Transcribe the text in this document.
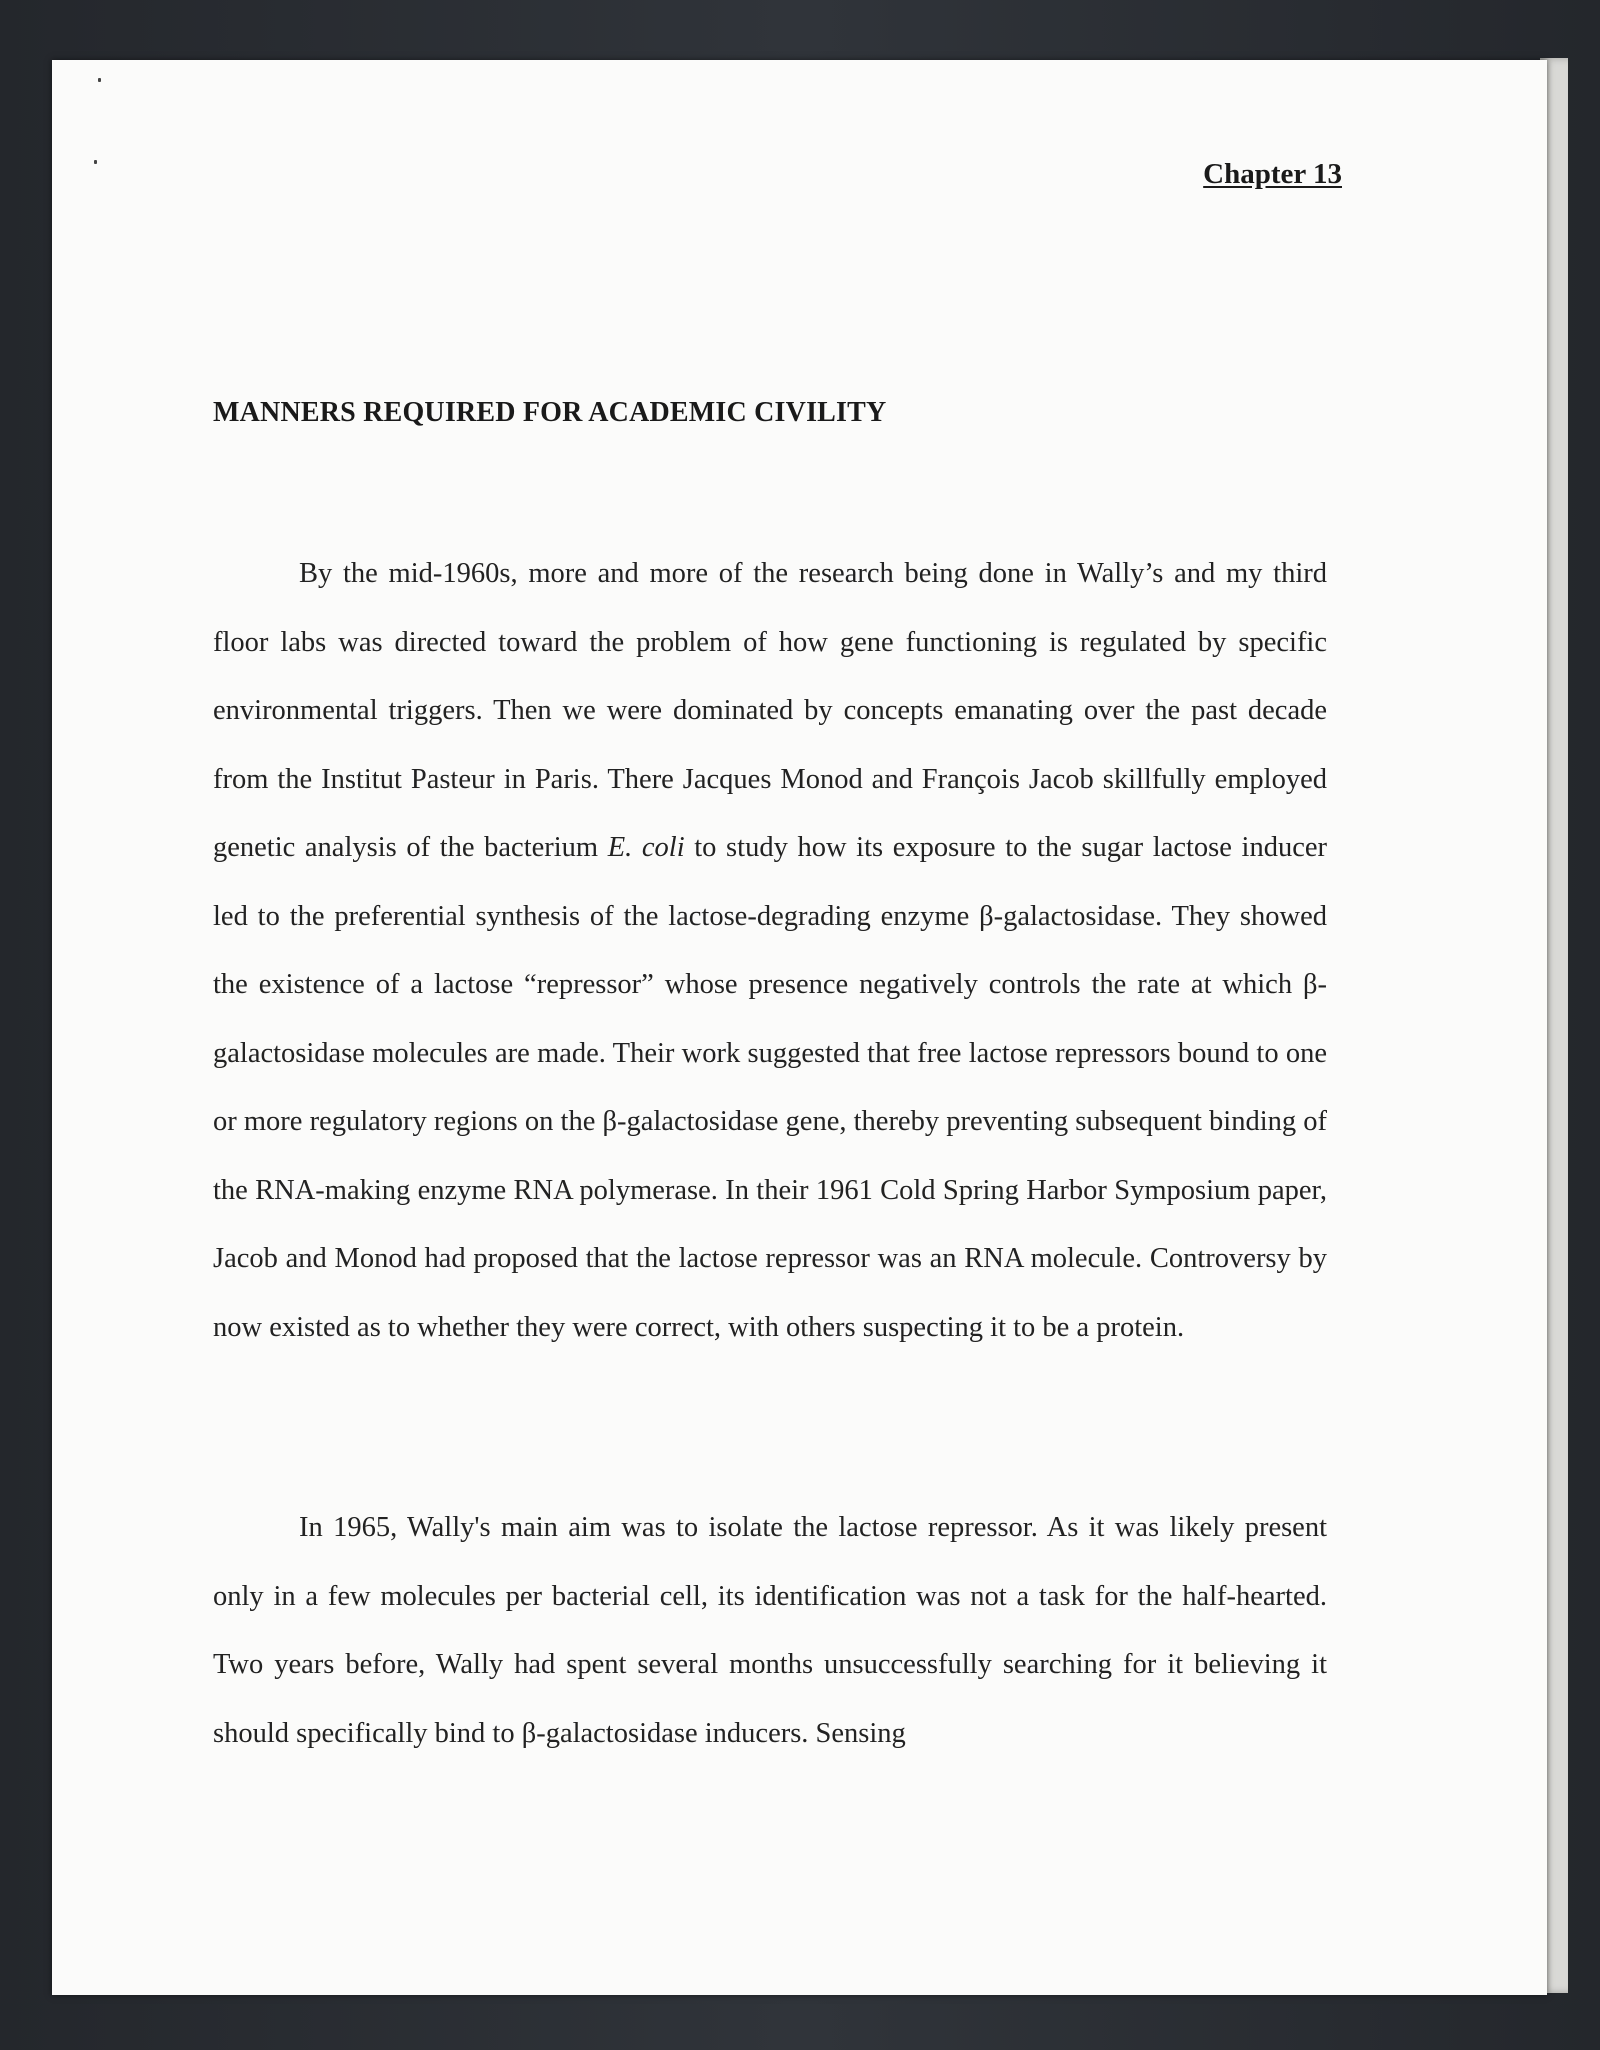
Chapter 13
MANNERS REQUIRED FOR ACADEMIC CIVILITY

By the mid-1960s, more and more of the research being done in Wally’s and my third floor labs was directed toward the problem of how gene functioning is regulated by specific environmental triggers. Then we were dominated by concepts emanating over the past decade from the Institut Pasteur in Paris. There Jacques Monod and François Jacob skillfully employed genetic analysis of the bacterium E. coli to study how its exposure to the sugar lactose inducer led to the preferential synthesis of the lactose-degrading enzyme β-galactosidase. They showed the existence of a lactose “repressor” whose presence negatively controls the rate at which β-galactosidase molecules are made. Their work suggested that free lactose repressors bound to one or more regulatory regions on the β-galactosidase gene, thereby preventing subsequent binding of the RNA-making enzyme RNA polymerase. In their 1961 Cold Spring Harbor Symposium paper, Jacob and Monod had proposed that the lactose repressor was an RNA molecule. Controversy by now existed as to whether they were correct, with others suspecting it to be a protein.

In 1965, Wally's main aim was to isolate the lactose repressor. As it was likely present only in a few molecules per bacterial cell, its identification was not a task for the half-hearted. Two years before, Wally had spent several months unsuccessfully searching for it believing it should specifically bind to β-galactosidase inducers. Sensing
